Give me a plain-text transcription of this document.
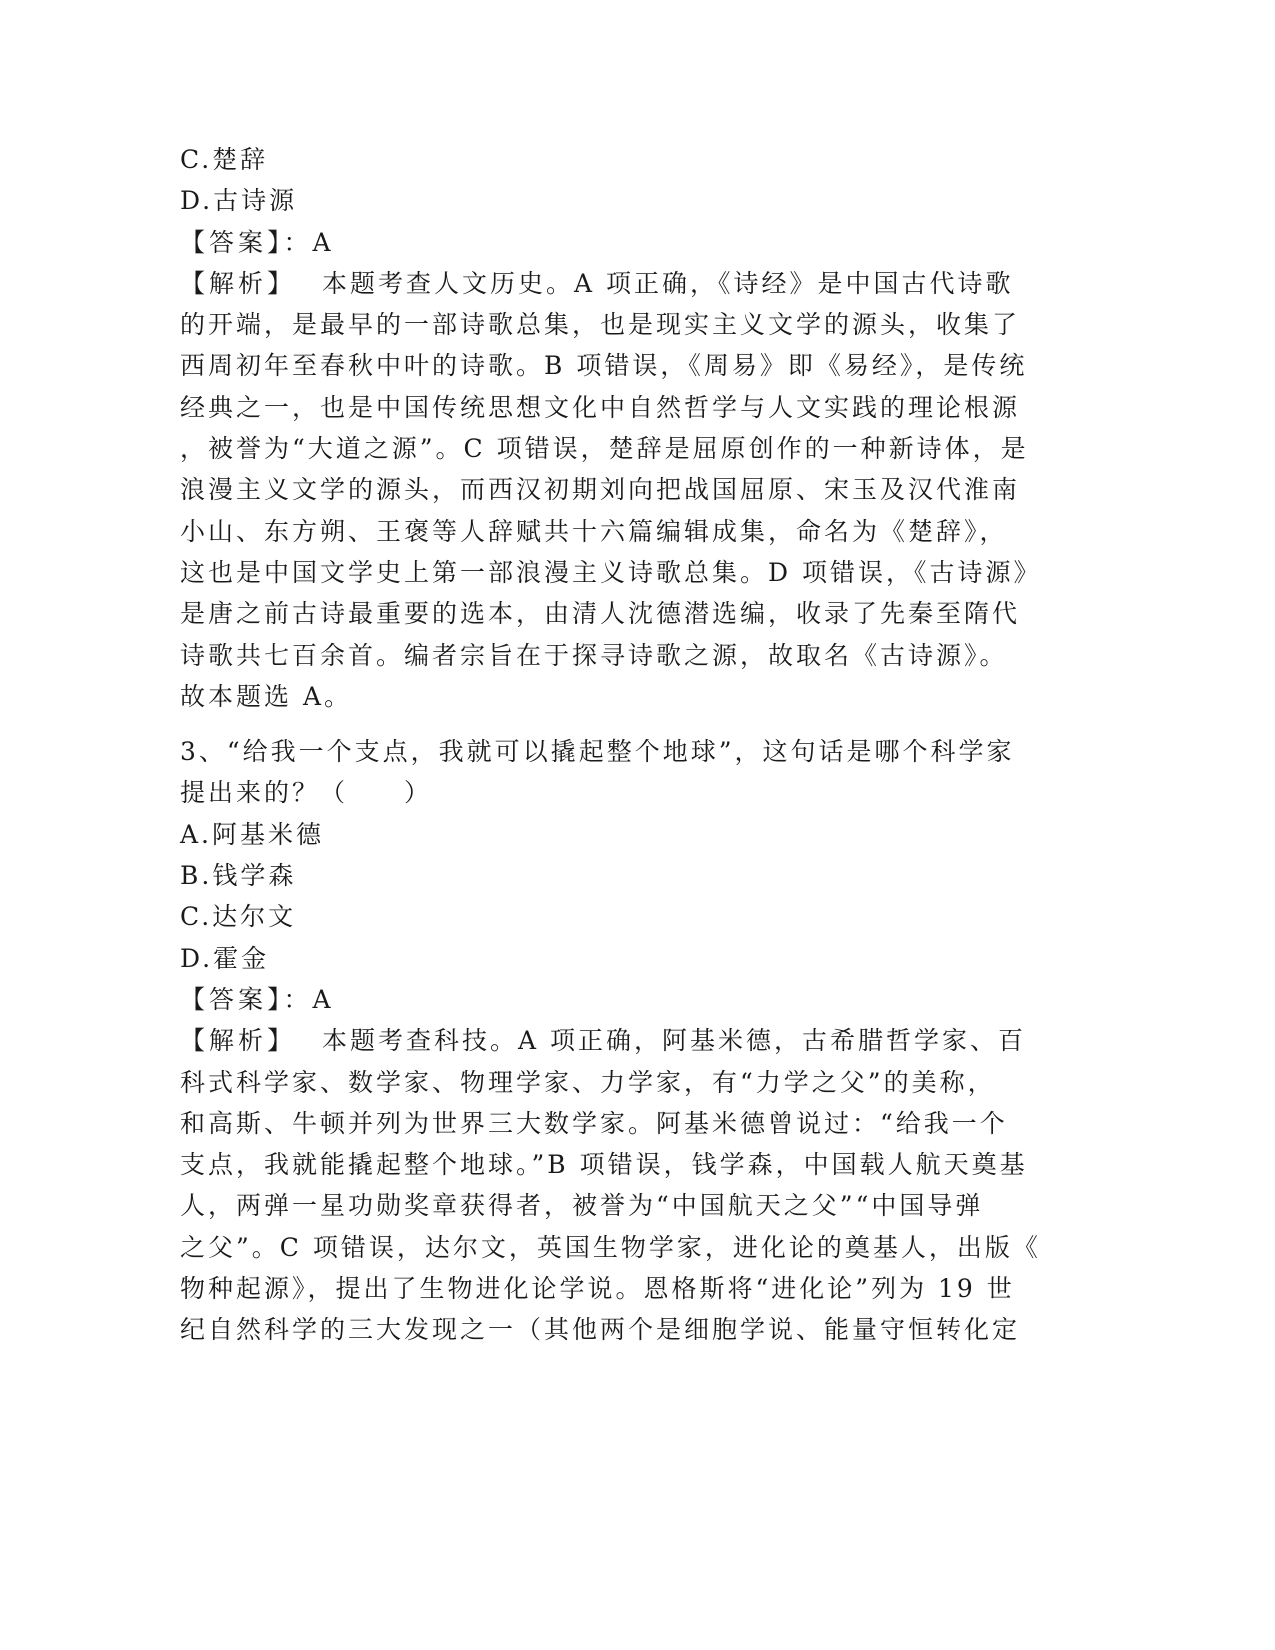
C.楚辞
D.古诗源
【答案】：A
【解析】 本题考查人文历史。A 项正确，《诗经》是中国古代诗歌
的开端，是最早的一部诗歌总集，也是现实主义文学的源头，收集了
西周初年至春秋中叶的诗歌。B 项错误，《周易》即《易经》，是传统
经典之一，也是中国传统思想文化中自然哲学与人文实践的理论根源
，被誉为“大道之源”。C 项错误，楚辞是屈原创作的一种新诗体，是
浪漫主义文学的源头，而西汉初期刘向把战国屈原、宋玉及汉代淮南
小山、东方朔、王褒等人辞赋共十六篇编辑成集，命名为《楚辞》，
这也是中国文学史上第一部浪漫主义诗歌总集。D 项错误，《古诗源》
是唐之前古诗最重要的选本，由清人沈德潜选编，收录了先秦至隋代
诗歌共七百余首。编者宗旨在于探寻诗歌之源，故取名《古诗源》。
故本题选 A。
3、“给我一个支点，我就可以撬起整个地球”，这句话是哪个科学家
提出来的？（　　）
A.阿基米德
B.钱学森
C.达尔文
D.霍金
【答案】：A
【解析】 本题考查科技。A 项正确，阿基米德，古希腊哲学家、百
科式科学家、数学家、物理学家、力学家，有“力学之父”的美称，
和高斯、牛顿并列为世界三大数学家。阿基米德曾说过：“给我一个
支点，我就能撬起整个地球。”B 项错误，钱学森，中国载人航天奠基
人，两弹一星功勋奖章获得者，被誉为“中国航天之父”“中国导弹
之父”。C 项错误，达尔文，英国生物学家，进化论的奠基人，出版《
物种起源》，提出了生物进化论学说。恩格斯将“进化论”列为 19 世
纪自然科学的三大发现之一（其他两个是细胞学说、能量守恒转化定
